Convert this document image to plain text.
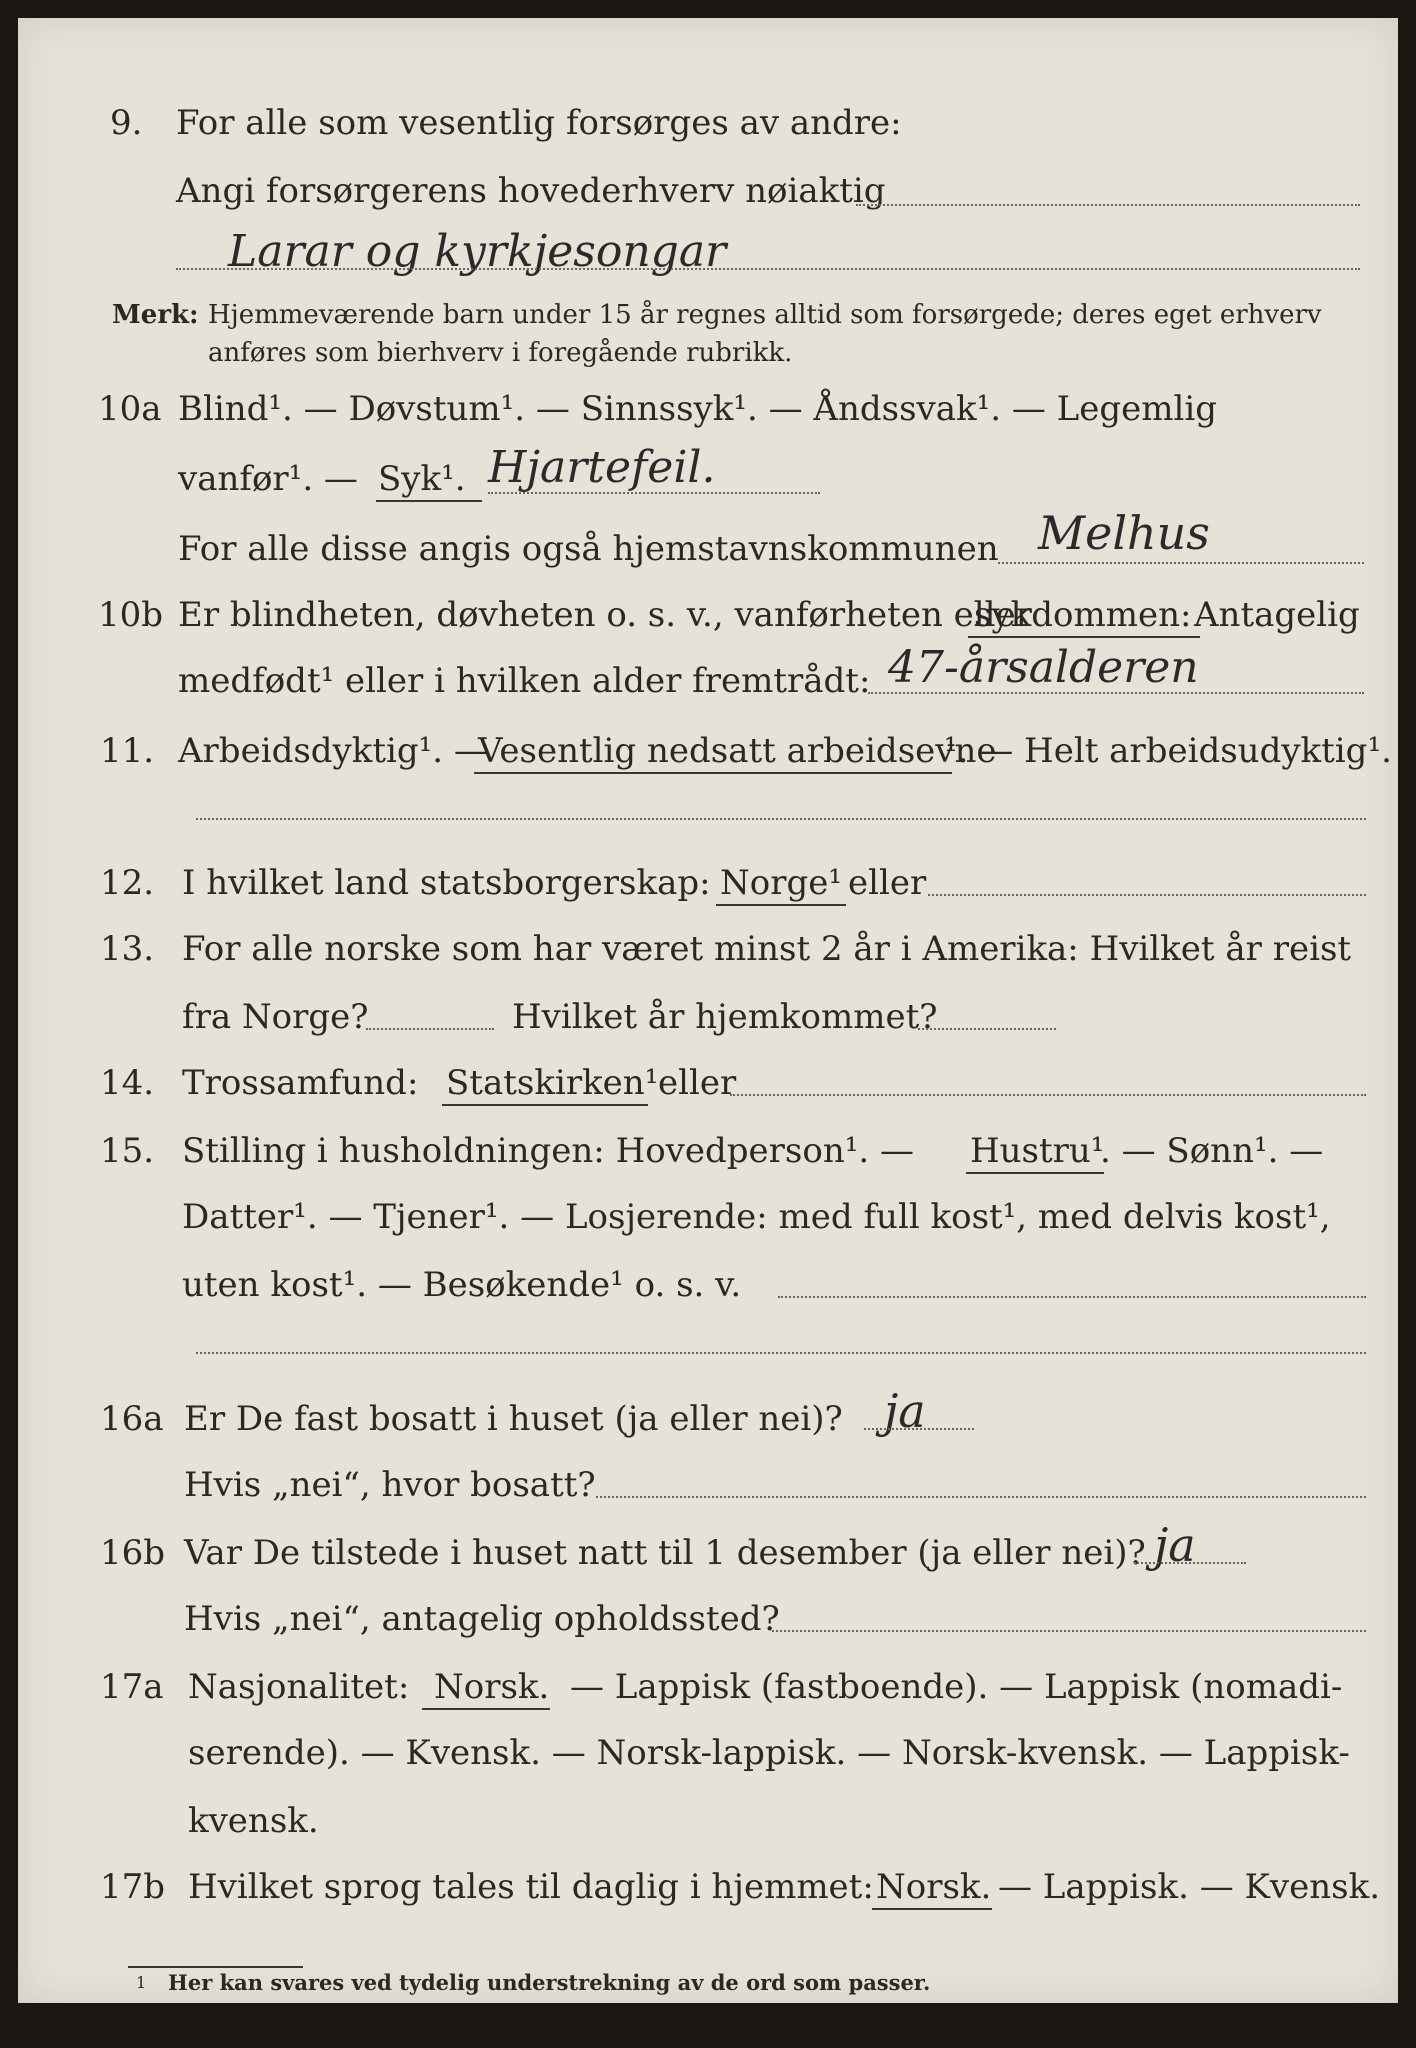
9. For alle som vesentlig forsørges av andre:
Angi forsørgerens hovederhverv nøiaktig
Larar og kyrkjesongar
Merk: Hjemmeværende barn under 15 år regnes alltid som forsørgede; deres eget erhverv
anføres som bierhverv i foregående rubrikk.
10a Blind¹. — Døvstum¹. — Sinnssyk¹. — Åndssvak¹. — Legemlig
vanfør¹. — Syk¹. Hjartefeil.
For alle disse angis også hjemstavnskommunen Melhus
10b Er blindheten, døvheten o. s. v., vanførheten eller
sykdommen: Antagelig
medfødt¹ eller i hvilken alder fremtrådt: 47-årsalderen
11. Arbeidsdyktig¹. —
Vesentlig nedsatt arbeidsevne
¹. — Helt arbeidsudyktig¹.
12. I hvilket land statsborgerskap: Norge¹ eller
13. For alle norske som har været minst 2 år i Amerika: Hvilket år reist
fra Norge?	Hvilket år hjemkommet?
14. Trossamfund: Statskirken¹ eller
15. Stilling i husholdningen: Hovedperson¹. — Hustru¹
. — Sønn¹. —
Datter¹. — Tjener¹. — Losjerende: med full kost¹, med delvis kost¹,
uten kost¹. — Besøkende¹ o. s. v.
16a Er De fast bosatt i huset (ja eller nei)? ja
Hvis „nei“, hvor bosatt?
16b Var De tilstede i huset natt til 1 desember (ja eller nei)? ja
Hvis „nei“, antagelig opholdssted?
17a Nasjonalitet: Norsk. — Lappisk (fastboende). — Lappisk (nomadi-
serende). — Kvensk. — Norsk-lappisk. — Norsk-kvensk. — Lappisk-
kvensk.
17b Hvilket sprog tales til daglig i hjemmet: Norsk. — Lappisk. — Kvensk.
1 Her kan svares ved tydelig understrekning av de ord som passer.
